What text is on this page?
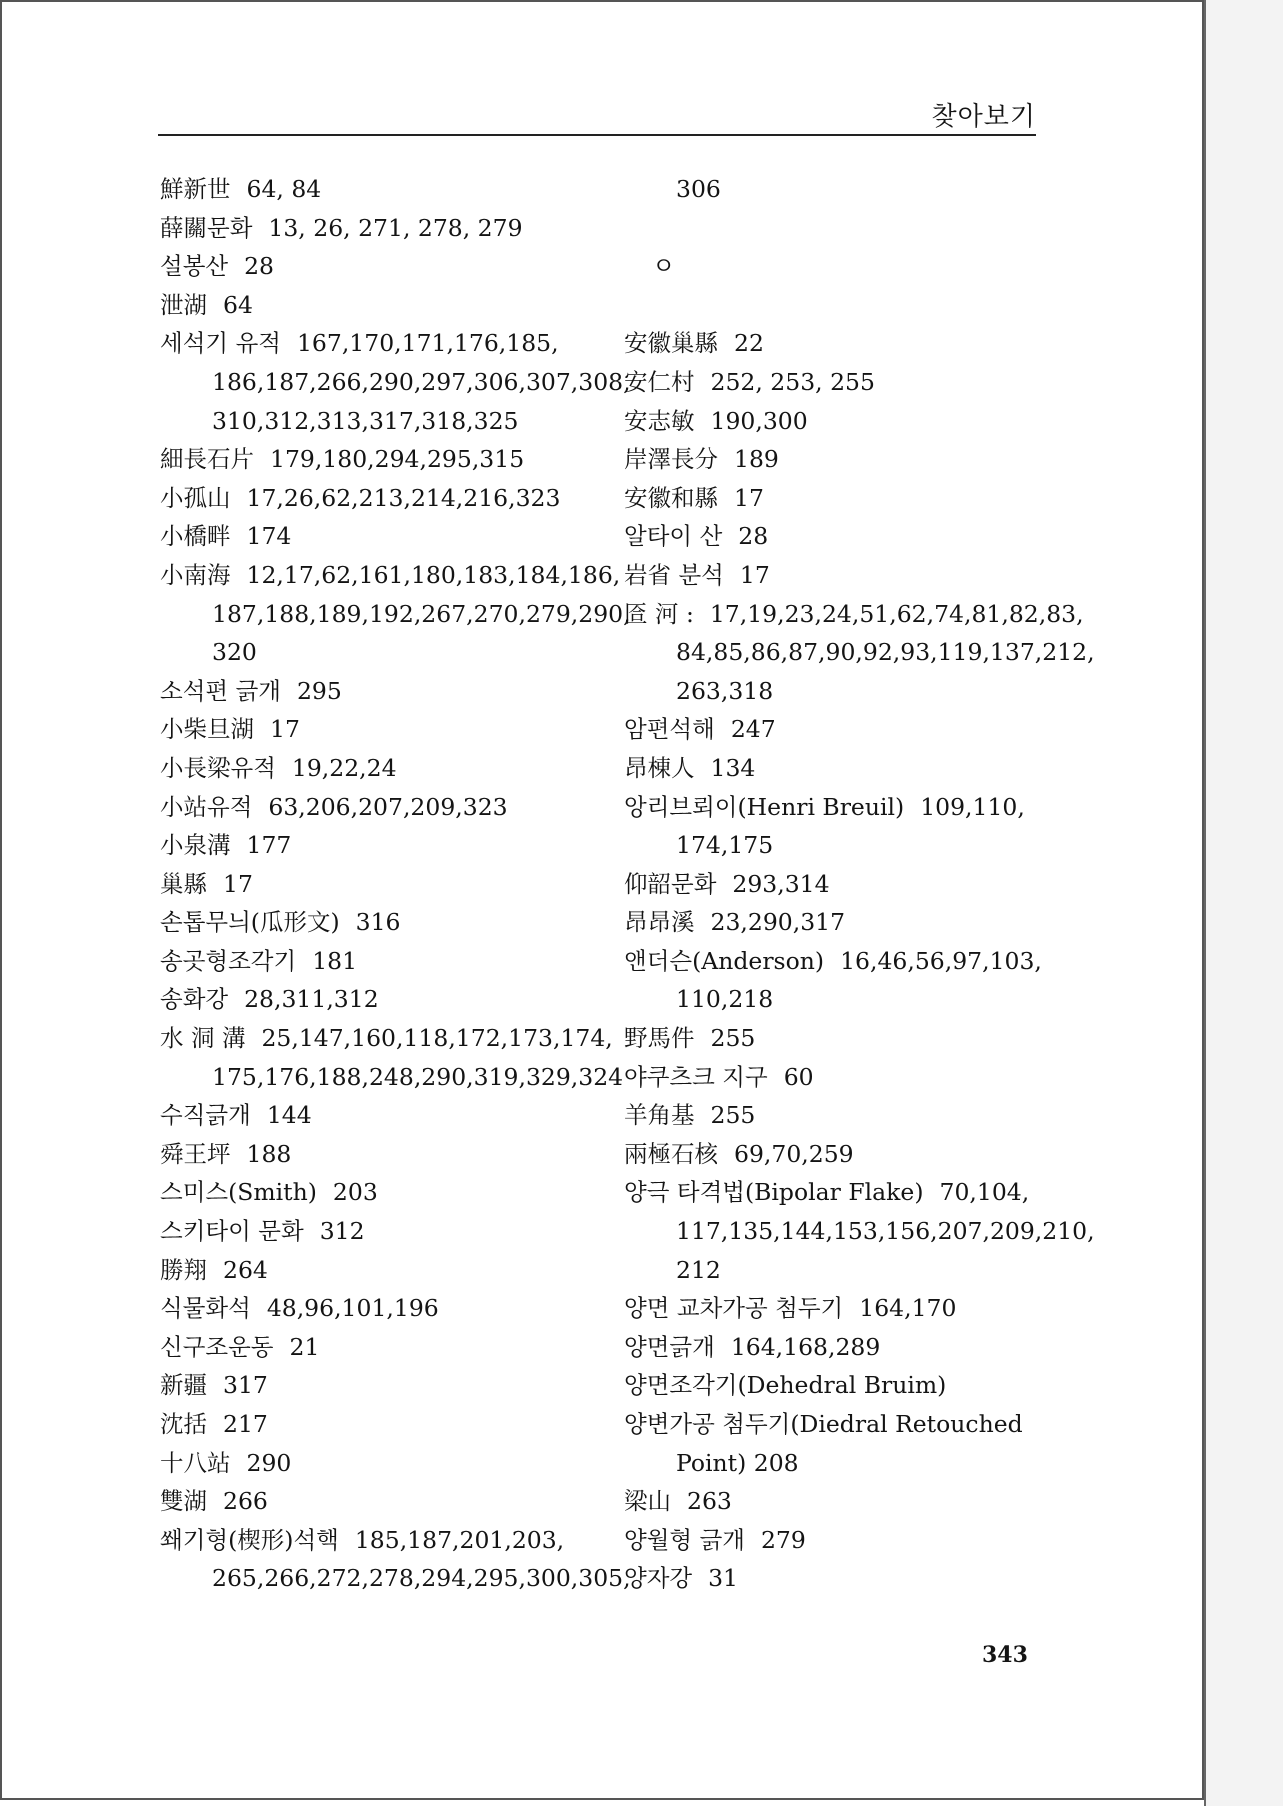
찾아보기
鮮新世 64, 84
薛關문화 13, 26, 271, 278, 279
설봉산 28
泄湖 64
세석기 유적 167,170,171,176,185,
186,187,266,290,297,306,307,308,
310,312,313,317,318,325
細長石片 179,180,294,295,315
小孤山 17,26,62,213,214,216,323
小橋畔 174
小南海 12,17,62,161,180,183,184,186,
187,188,189,192,267,270,279,290,
320
소석편 긁개 295
小柴旦湖 17
小長梁유적 19,22,24
小站유적 63,206,207,209,323
小泉溝 177
巢縣 17
손톱무늬(瓜形文) 316
송곳형조각기 181
송화강 28,311,312
水 洞 溝 25,147,160,118,172,173,174,
175,176,188,248,290,319,329,324
수직긁개 144
舜王坪 188
스미스(Smith) 203
스키타이 문화 312
勝翔 264
식물화석 48,96,101,196
신구조운동 21
新疆 317
沈括 217
十八站 290
雙湖 266
쐐기형(楔形)석핵 185,187,201,203,
265,266,272,278,294,295,300,305,
306
ㅇ
安徽巢縣 22
安仁村 252, 253, 255
安志敏 190,300
岸澤長分 189
安徽和縣 17
알타이 산 28
岩省 분석 17
匼 河 : 17,19,23,24,51,62,74,81,82,83,
84,85,86,87,90,92,93,119,137,212,
263,318
암편석해 247
昂棟人 134
앙리브뢰이(Henri Breuil) 109,110,
174,175
仰韶문화 293,314
昂昂溪 23,290,317
앤더슨(Anderson) 16,46,56,97,103,
110,218
野馬件 255
야쿠츠크 지구 60
羊角基 255
兩極石核 69,70,259
양극 타격법(Bipolar Flake) 70,104,
117,135,144,153,156,207,209,210,
212
양면 교차가공 첨두기 164,170
양면긁개 164,168,289
양면조각기(Dehedral Bruim)
양변가공 첨두기(Diedral Retouched
Point) 208
梁山 263
양월형 긁개 279
양자강 31
343
